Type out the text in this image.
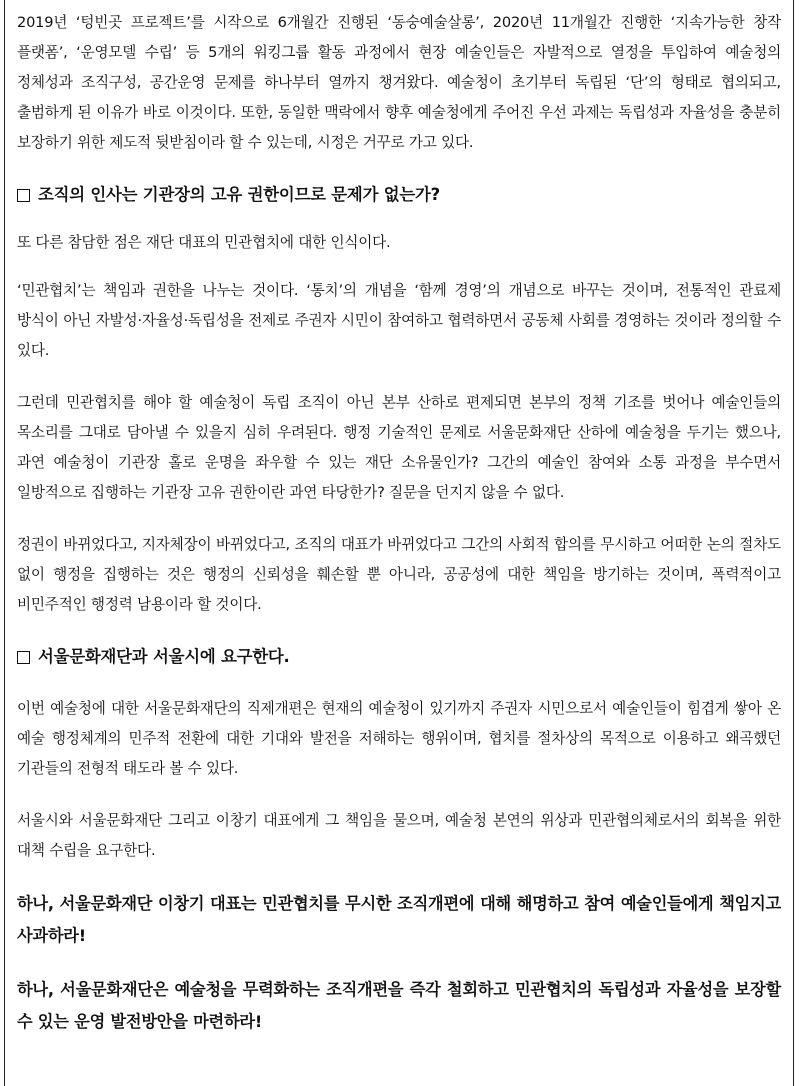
2019년 ‘텅빈곳 프로젝트’를 시작으로 6개월간 진행된 ‘동숭예술살롱’, 2020년 11개월간 진행한 ‘지속가능한 창작 플랫폼’, ‘운영모델 수립’ 등 5개의 워킹그룹 활동 과정에서 현장 예술인들은 자발적으로 열정을 투입하여 예술청의 정체성과 조직구성, 공간운영 문제를 하나부터 열까지 챙겨왔다. 예술청이 초기부터 독립된 ‘단’의 형태로 협의되고, 출범하게 된 이유가 바로 이것이다. 또한, 동일한 맥락에서 향후 예술청에게 주어진 우선 과제는 독립성과 자율성을 충분히 보장하기 위한 제도적 뒷받침이라 할 수 있는데, 시정은 거꾸로 가고 있다.

조직의 인사는 기관장의 고유 권한이므로 문제가 없는가?

또 다른 참담한 점은 재단 대표의 민관협치에 대한 인식이다.

‘민관협치’는 책임과 권한을 나누는 것이다. ‘통치’의 개념을 ‘함께 경영’의 개념으로 바꾸는 것이며, 전통적인 관료제 방식이 아닌 자발성·자율성·독립성을 전제로 주권자 시민이 참여하고 협력하면서 공동체 사회를 경영하는 것이라 정의할 수 있다.

그런데 민관협치를 해야 할 예술청이 독립 조직이 아닌 본부 산하로 편제되면 본부의 정책 기조를 벗어나 예술인들의 목소리를 그대로 담아낼 수 있을지 심히 우려된다. 행정 기술적인 문제로 서울문화재단 산하에 예술청을 두기는 했으나, 과연 예술청이 기관장 홀로 운명을 좌우할 수 있는 재단 소유물인가? 그간의 예술인 참여와 소통 과정을 부수면서 일방적으로 집행하는 기관장 고유 권한이란 과연 타당한가? 질문을 던지지 않을 수 없다.

정권이 바뀌었다고, 지자체장이 바뀌었다고, 조직의 대표가 바뀌었다고 그간의 사회적 합의를 무시하고 어떠한 논의 절차도 없이 행정을 집행하는 것은 행정의 신뢰성을 훼손할 뿐 아니라, 공공성에 대한 책임을 방기하는 것이며, 폭력적이고 비민주적인 행정력 남용이라 할 것이다.

서울문화재단과 서울시에 요구한다.

이번 예술청에 대한 서울문화재단의 직제개편은 현재의 예술청이 있기까지 주권자 시민으로서 예술인들이 힘겹게 쌓아 온 예술 행정체계의 민주적 전환에 대한 기대와 발전을 저해하는 행위이며, 협치를 절차상의 목적으로 이용하고 왜곡했던 기관들의 전형적 태도라 볼 수 있다.

서울시와 서울문화재단 그리고 이창기 대표에게 그 책임을 물으며, 예술청 본연의 위상과 민관협의체로서의 회복을 위한 대책 수립을 요구한다.

하나, 서울문화재단 이창기 대표는 민관협치를 무시한 조직개편에 대해 해명하고 참여 예술인들에게 책임지고 사과하라!

하나, 서울문화재단은 예술청을 무력화하는 조직개편을 즉각 철회하고 민관협치의 독립성과 자율성을 보장할 수 있는 운영 발전방안을 마련하라!
